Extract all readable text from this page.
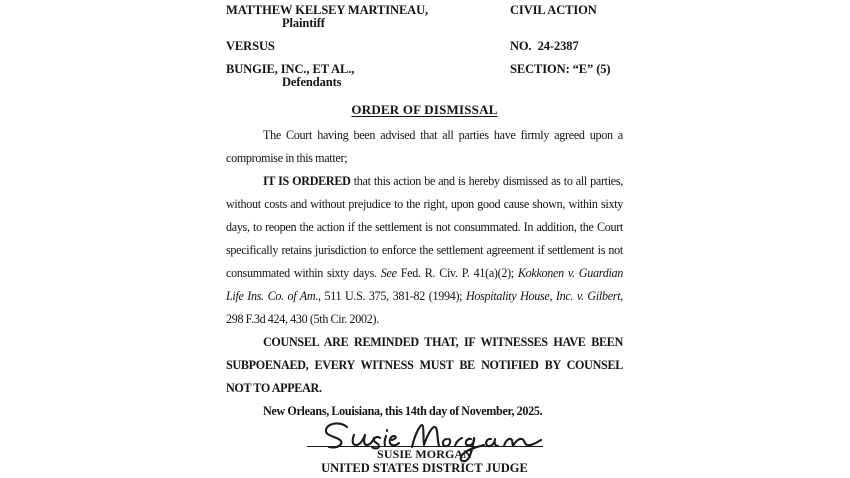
MATTHEW KELSEY MARTINEAU,
Plaintiff
CIVIL ACTION
VERSUS	NO.  24-2387
BUNGIE, INC., ET AL.,
Defendants
SECTION: “E” (5)
ORDER OF DISMISSAL

The Court having been advised that all parties have firmly agreed upon a compromise in this matter;

IT IS ORDERED that this action be and is hereby dismissed as to all parties, without costs and without prejudice to the right, upon good cause shown, within sixty days, to reopen the action if the settlement is not consummated. In addition, the Court specifically retains jurisdiction to enforce the settlement agreement if settlement is not consummated within sixty days. See Fed. R. Civ. P. 41(a)(2); Kokkonen v. Guardian Life Ins. Co. of Am., 511 U.S. 375, 381-82 (1994); Hospitality House, Inc. v. Gilbert, 298 F.3d 424, 430 (5th Cir. 2002).

COUNSEL ARE REMINDED THAT, IF WITNESSES HAVE BEEN SUBPOENAED, EVERY WITNESS MUST BE NOTIFIED BY COUNSEL NOT TO APPEAR.

New Orleans, Louisiana, this 14th day of November, 2025.

SUSIE MORGAN
UNITED STATES DISTRICT JUDGE
